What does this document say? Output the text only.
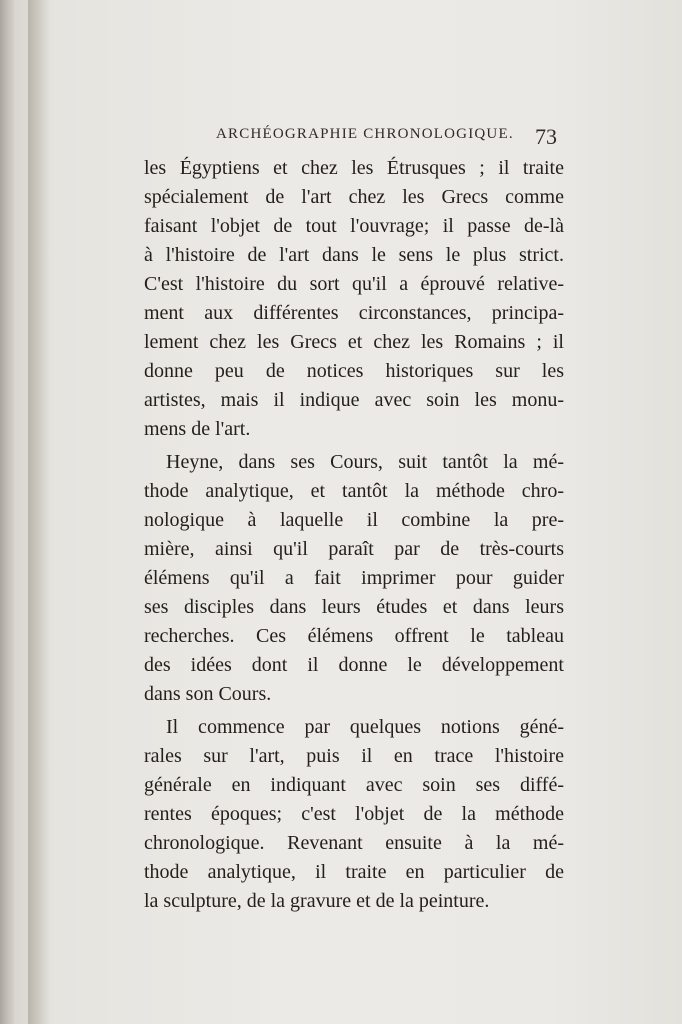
ARCHÉOGRAPHIE CHRONOLOGIQUE. 73
les Égyptiens et chez les Étrusques ; il traite
spécialement de l'art chez les Grecs comme
faisant l'objet de tout l'ouvrage; il passe de-là
à l'histoire de l'art dans le sens le plus strict.
C'est l'histoire du sort qu'il a éprouvé relative-
ment aux différentes circonstances, principa-
lement chez les Grecs et chez les Romains ; il
donne peu de notices historiques sur les
artistes, mais il indique avec soin les monu-
mens de l'art.
Heyne, dans ses Cours, suit tantôt la mé-
thode analytique, et tantôt la méthode chro-
nologique à laquelle il combine la pre-
mière, ainsi qu'il paraît par de très-courts
élémens qu'il a fait imprimer pour guider
ses disciples dans leurs études et dans leurs
recherches. Ces élémens offrent le tableau
des idées dont il donne le développement
dans son Cours.
Il commence par quelques notions géné-
rales sur l'art, puis il en trace l'histoire
générale en indiquant avec soin ses diffé-
rentes époques; c'est l'objet de la méthode
chronologique. Revenant ensuite à la mé-
thode analytique, il traite en particulier de
la sculpture, de la gravure et de la peinture.
